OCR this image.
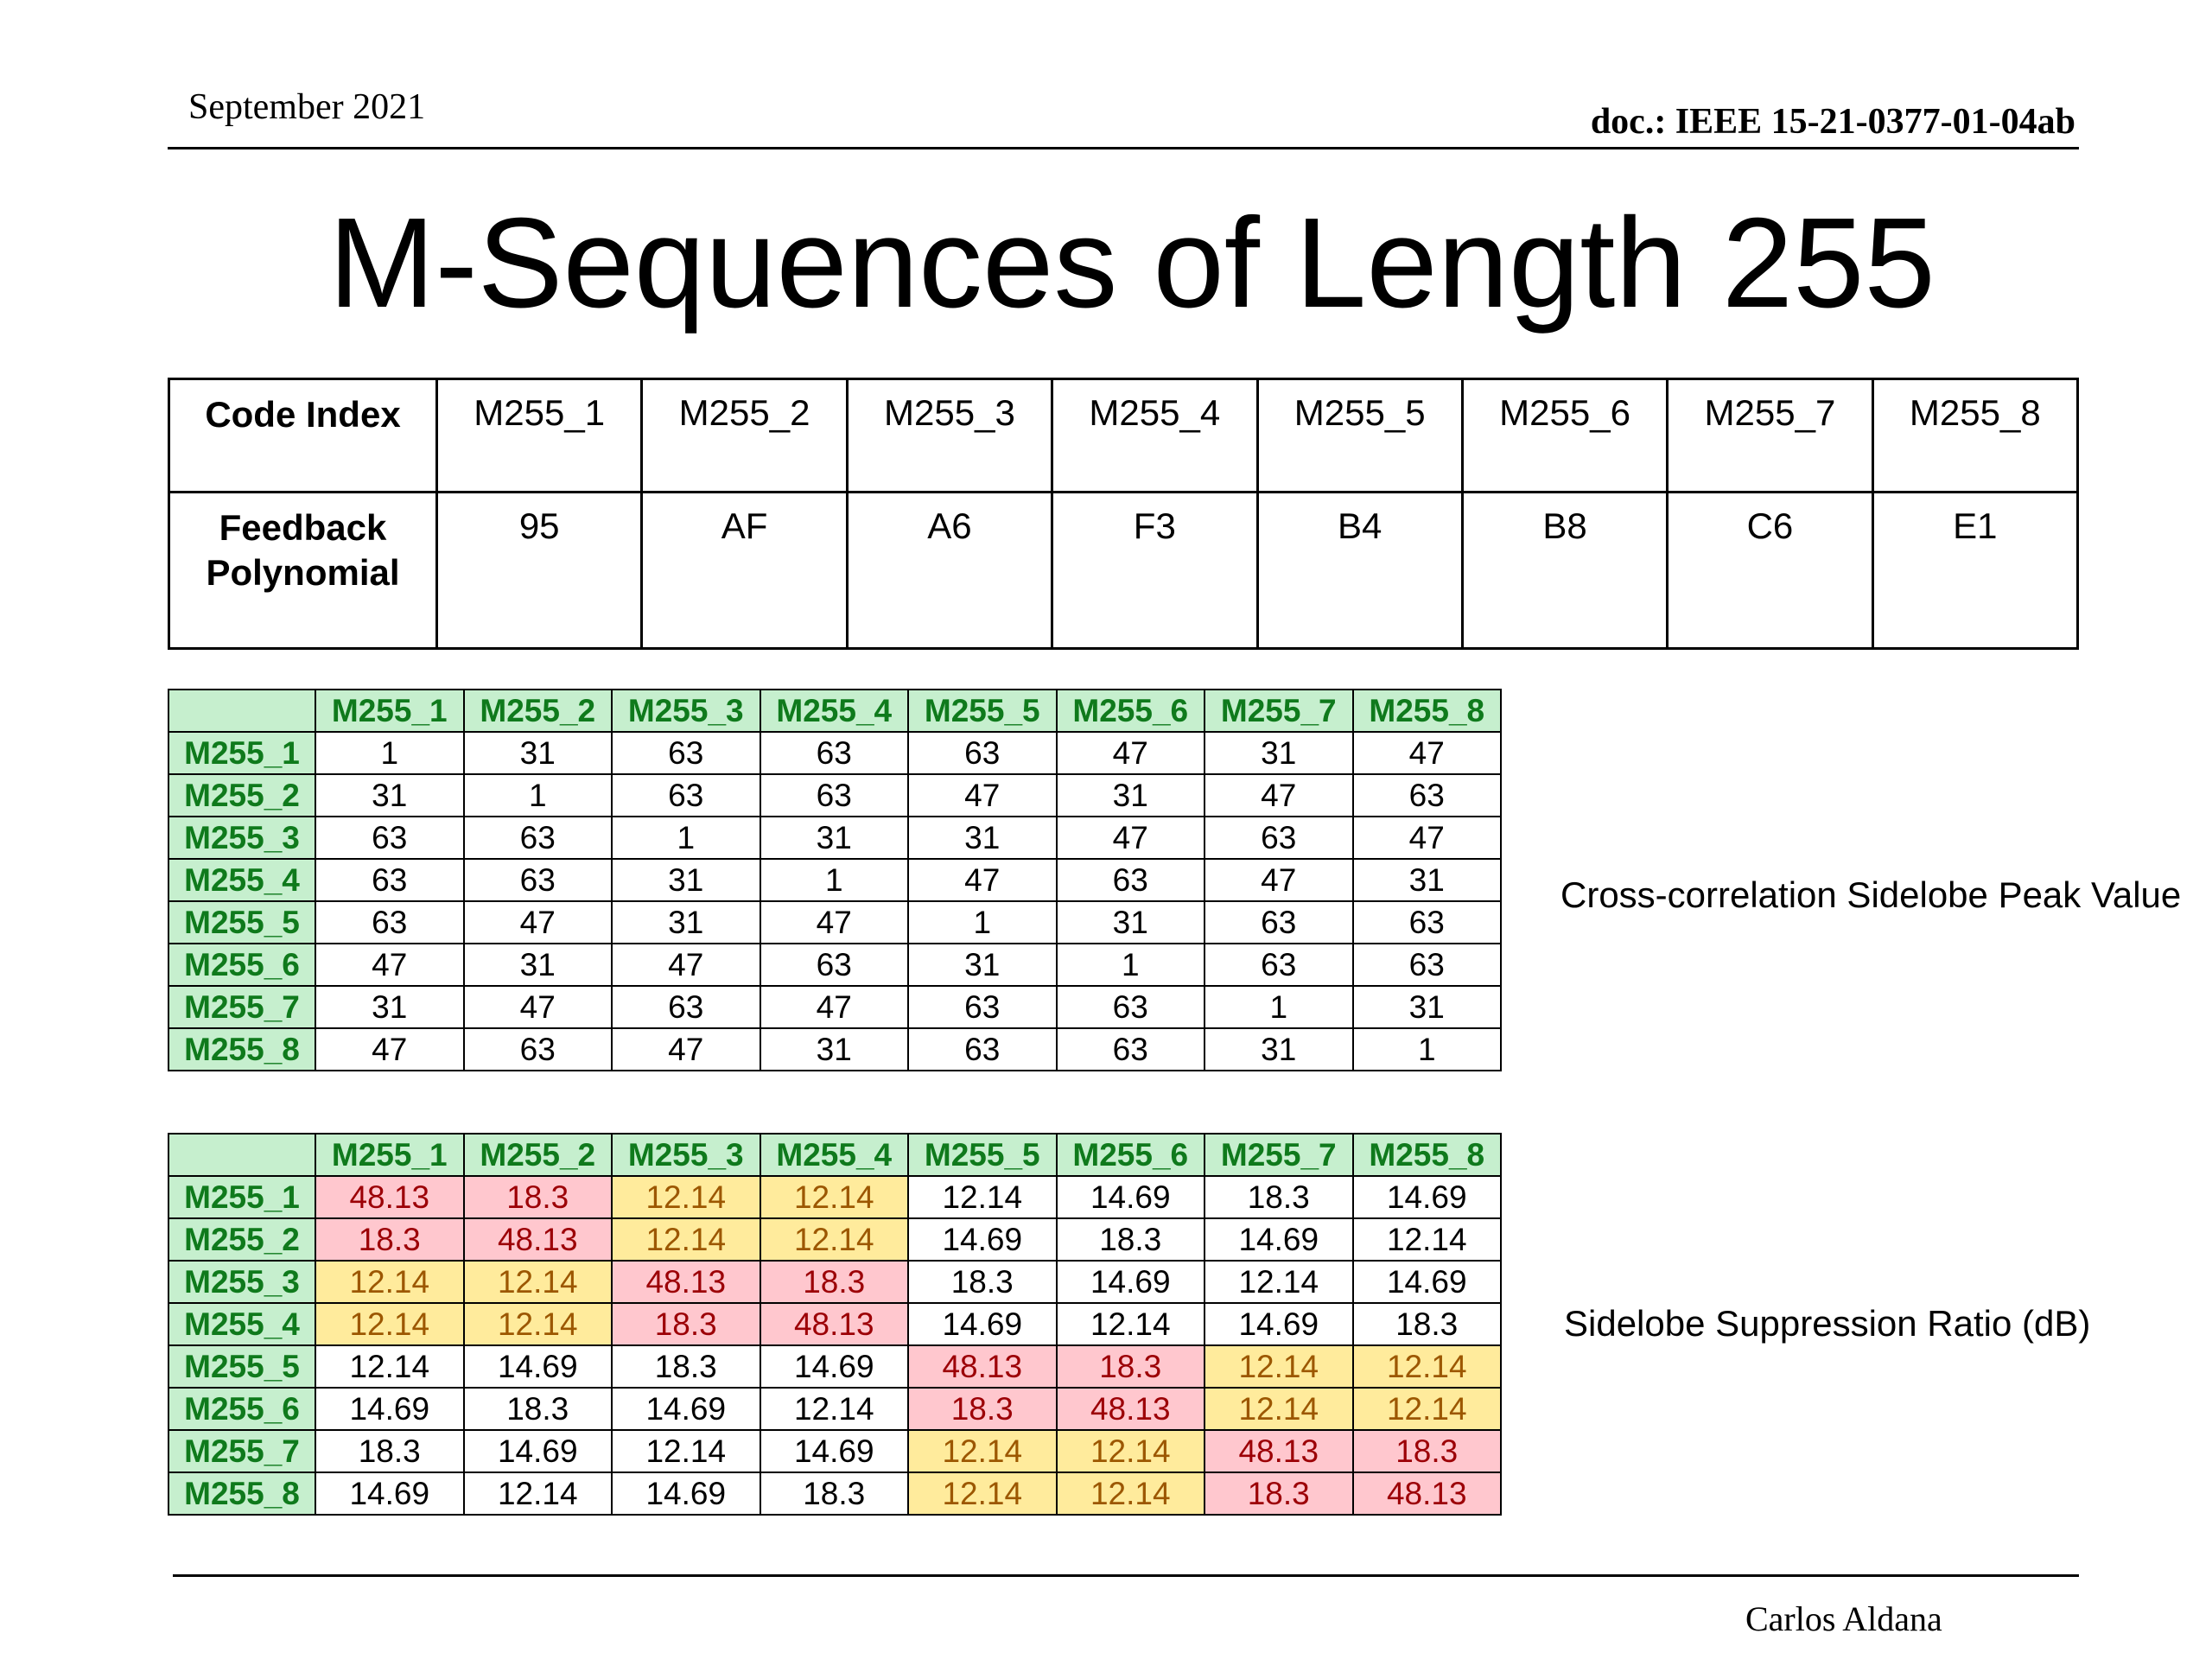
September 2021	doc.: IEEE 15-21-0377-01-04ab
M-Sequences of Length 255
Code Index	M255_1	M255_2	M255_3	M255_4	M255_5	M255_6	M255_7	M255_8
Feedback
Polynomial	95	AF	A6	F3	B4	B8	C6	E1
	M255_1	M255_2	M255_3	M255_4	M255_5	M255_6	M255_7	M255_8
M255_1	1	31	63	63	63	47	31	47
M255_2	31	1	63	63	47	31	47	63
M255_3	63	63	1	31	31	47	63	47
M255_4	63	63	31	1	47	63	47	31
M255_5	63	47	31	47	1	31	63	63
M255_6	47	31	47	63	31	1	63	63
M255_7	31	47	63	47	63	63	1	31
M255_8	47	63	47	31	63	63	31	1
Cross-correlation Sidelobe Peak Value
	M255_1	M255_2	M255_3	M255_4	M255_5	M255_6	M255_7	M255_8
M255_1	48.13	18.3	12.14	12.14	12.14	14.69	18.3	14.69
M255_2	18.3	48.13	12.14	12.14	14.69	18.3	14.69	12.14
M255_3	12.14	12.14	48.13	18.3	18.3	14.69	12.14	14.69
M255_4	12.14	12.14	18.3	48.13	14.69	12.14	14.69	18.3
M255_5	12.14	14.69	18.3	14.69	48.13	18.3	12.14	12.14
M255_6	14.69	18.3	14.69	12.14	18.3	48.13	12.14	12.14
M255_7	18.3	14.69	12.14	14.69	12.14	12.14	48.13	18.3
M255_8	14.69	12.14	14.69	18.3	12.14	12.14	18.3	48.13
Sidelobe Suppression Ratio (dB)
Carlos Aldana
